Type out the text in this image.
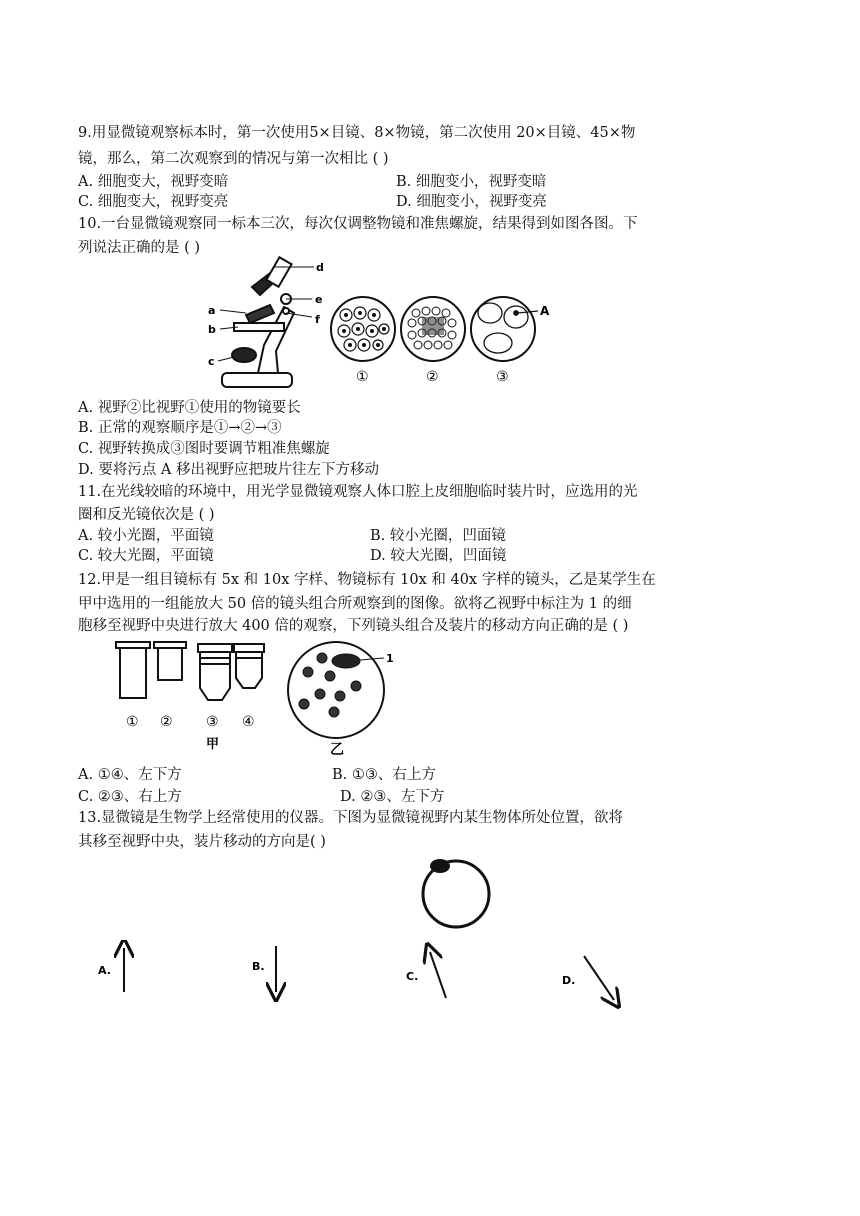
9.用显微镜观察标本时，第一次使用5×目镜、8×物镜，第二次使用 20×目镜、45×物
镜，那么，第二次观察到的情况与第一次相比 ( )
A. 细胞变大，视野变暗	B. 细胞变小，视野变暗
C. 细胞变大，视野变亮	D. 细胞变小，视野变亮
10.一台显微镜观察同一标本三次，每次仅调整物镜和准焦螺旋，结果得到如图各图。下
列说法正确的是 ( )
d
e
f
a
b
c
A
①	②	③
A. 视野②比视野①使用的物镜要长
B. 正常的观察顺序是①→②→③
C. 视野转换成③图时要调节粗准焦螺旋
D. 要将污点 A 移出视野应把玻片往左下方移动
11.在光线较暗的环境中，用光学显微镜观察人体口腔上皮细胞临时装片时，应选用的光
圈和反光镜依次是 ( )
A. 较小光圈，平面镜	B. 较小光圈，凹面镜
C. 较大光圈，平面镜	D. 较大光圈，凹面镜
12.甲是一组目镜标有 5x 和 10x 字样、物镜标有 10x 和 40x 字样的镜头，乙是某学生在
甲中选用的一组能放大 50 倍的镜头组合所观察到的图像。欲将乙视野中标注为 1 的细
胞移至视野中央进行放大 400 倍的观察，下列镜头组合及装片的移动方向正确的是 ( )
① ② ③ ④
甲
1
乙
A. ①④、左下方	B. ①③、右上方
C. ②③、右上方	D. ②③、左下方
13.显微镜是生物学上经常使用的仪器。下图为显微镜视野内某生物体所处位置，欲将
其移至视野中央，装片移动的方向是( )
A.	B.
C.	D.
